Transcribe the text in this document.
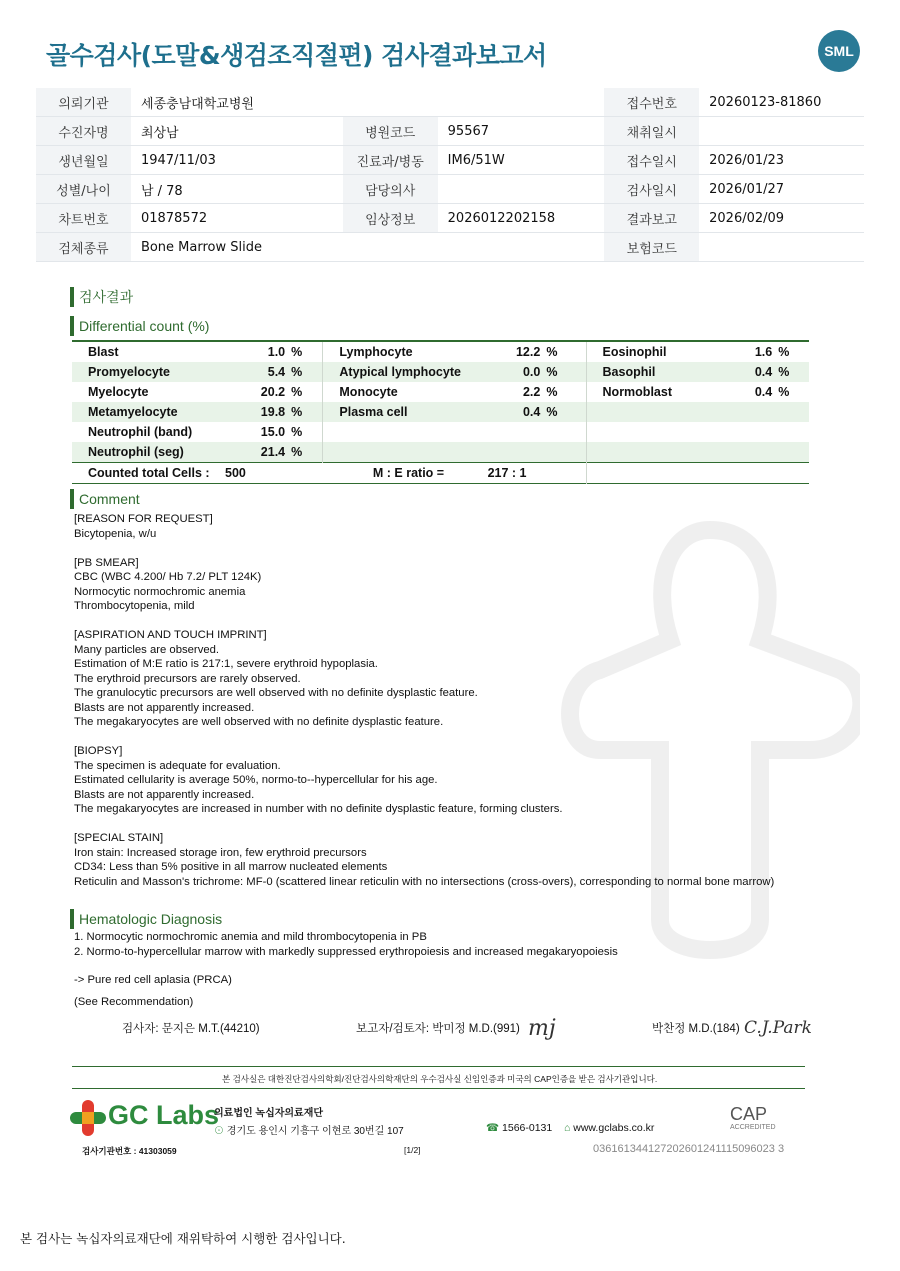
골수검사(도말&생검조직절편) 검사결과보고서	SML
의뢰기관	세종충남대학교병원			접수번호	20260123-81860
수진자명	최상남	병원코드	95567	채취일시	
생년월일	1947/11/03	진료과/병동	IM6/51W	접수일시	2026/01/23
성별/나이	남 / 78	담당의사		검사일시	2026/01/27
차트번호	01878572	임상정보	2026012202158	결과보고	2026/02/09
검체종류	Bone Marrow Slide			보험코드	
검사결과
Differential count (%)
Blast	1.0	%	Lymphocyte	12.2	%	Eosinophil	1.6	%
Promyelocyte	5.4	%	Atypical lymphocyte	0.0	%	Basophil	0.4	%
Myelocyte	20.2	%	Monocyte	2.2	%	Normoblast	0.4	%
Metamyelocyte	19.8	%	Plasma cell	0.4	%			
Neutrophil (band)	15.0	%						
Neutrophil (seg)	21.4	%						
Counted total Cells : 500			M : E ratio = 217 : 1					
Comment
[REASON FOR REQUEST]
Bicytopenia, w/u

[PB SMEAR]
CBC (WBC 4.200/ Hb 7.2/ PLT 124K)
Normocytic normochromic anemia
Thrombocytopenia, mild

[ASPIRATION AND TOUCH IMPRINT]
Many particles are observed.
Estimation of M:E ratio is 217:1, severe erythroid hypoplasia.
The erythroid precursors are rarely observed.
The granulocytic precursors are well observed with no definite dysplastic feature.
Blasts are not apparently increased.
The megakaryocytes are well observed with no definite dysplastic feature.

[BIOPSY]
The specimen is adequate for evaluation.
Estimated cellularity is average 50%, normo-to--hypercellular for his age.
Blasts are not apparently increased.
The megakaryocytes are increased in number with no definite dysplastic feature, forming clusters.

[SPECIAL STAIN]
Iron stain: Increased storage iron, few erythroid precursors
CD34: Less than 5% positive in all marrow nucleated elements
Reticulin and Masson's trichrome: MF-0 (scattered linear reticulin with no intersections (cross-overs), corresponding to normal bone marrow)
Hematologic Diagnosis
1. Normocytic normochromic anemia and mild thrombocytopenia in PB
2. Normo-to-hypercellular marrow with markedly suppressed erythropoiesis and increased megakaryopoiesis
-> Pure red cell aplasia (PRCA)
(See Recommendation)
검사자: 문지은 M.T.(44210)	보고자/검토자: 박미정 M.D.(991) mj	박찬정 M.D.(184) C.J.Park
본 검사실은 대한진단검사의학회/진단검사의학재단의 우수검사실 신임인증과 미국의 CAP인증을 받은 검사기관입니다.
GC Labs
의료법인 녹십자의료재단
⊙ 경기도 용인시 기흥구 이현로 30번길 107	☎ 1566-0131 ⌂ www.gclabs.co.kr
CAP
ACCREDITED
검사기관번호 : 41303059	[1/2]	036161344127202601241115096023 3
본 검사는 녹십자의료재단에 재위탁하여 시행한 검사입니다.
